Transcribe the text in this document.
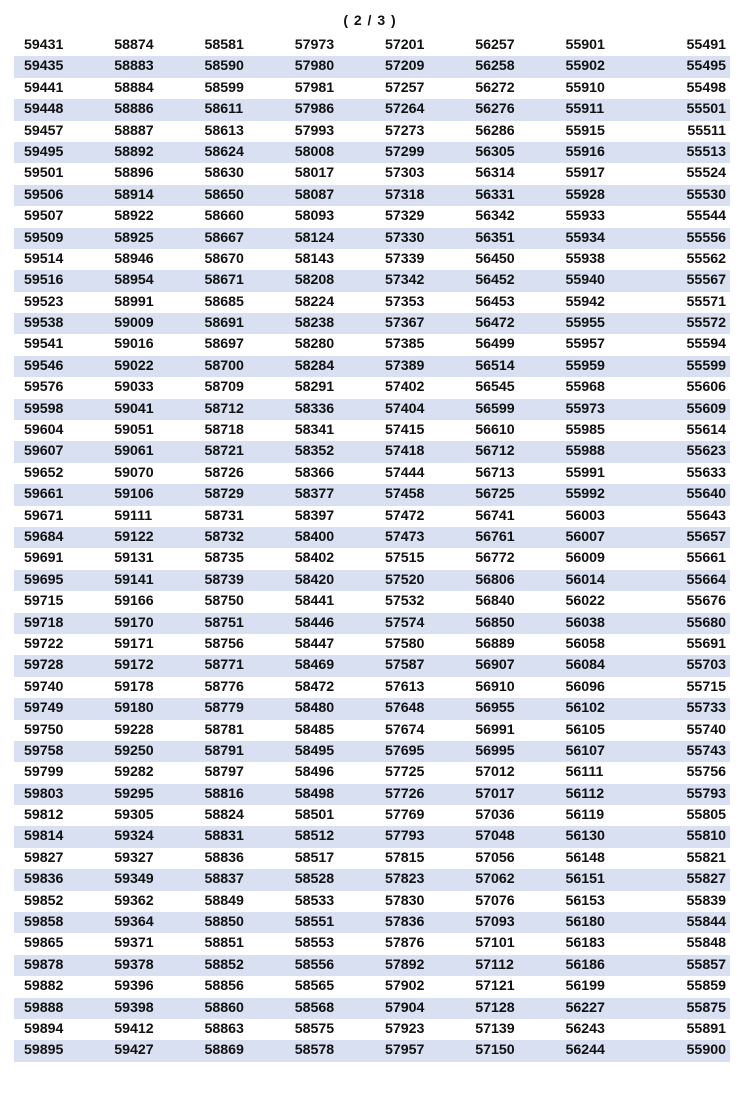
( 2 / 3 )
59431	58874	58581	57973	57201	56257	55901	55491
59435	58883	58590	57980	57209	56258	55902	55495
59441	58884	58599	57981	57257	56272	55910	55498
59448	58886	58611	57986	57264	56276	55911	55501
59457	58887	58613	57993	57273	56286	55915	55511
59495	58892	58624	58008	57299	56305	55916	55513
59501	58896	58630	58017	57303	56314	55917	55524
59506	58914	58650	58087	57318	56331	55928	55530
59507	58922	58660	58093	57329	56342	55933	55544
59509	58925	58667	58124	57330	56351	55934	55556
59514	58946	58670	58143	57339	56450	55938	55562
59516	58954	58671	58208	57342	56452	55940	55567
59523	58991	58685	58224	57353	56453	55942	55571
59538	59009	58691	58238	57367	56472	55955	55572
59541	59016	58697	58280	57385	56499	55957	55594
59546	59022	58700	58284	57389	56514	55959	55599
59576	59033	58709	58291	57402	56545	55968	55606
59598	59041	58712	58336	57404	56599	55973	55609
59604	59051	58718	58341	57415	56610	55985	55614
59607	59061	58721	58352	57418	56712	55988	55623
59652	59070	58726	58366	57444	56713	55991	55633
59661	59106	58729	58377	57458	56725	55992	55640
59671	59111	58731	58397	57472	56741	56003	55643
59684	59122	58732	58400	57473	56761	56007	55657
59691	59131	58735	58402	57515	56772	56009	55661
59695	59141	58739	58420	57520	56806	56014	55664
59715	59166	58750	58441	57532	56840	56022	55676
59718	59170	58751	58446	57574	56850	56038	55680
59722	59171	58756	58447	57580	56889	56058	55691
59728	59172	58771	58469	57587	56907	56084	55703
59740	59178	58776	58472	57613	56910	56096	55715
59749	59180	58779	58480	57648	56955	56102	55733
59750	59228	58781	58485	57674	56991	56105	55740
59758	59250	58791	58495	57695	56995	56107	55743
59799	59282	58797	58496	57725	57012	56111	55756
59803	59295	58816	58498	57726	57017	56112	55793
59812	59305	58824	58501	57769	57036	56119	55805
59814	59324	58831	58512	57793	57048	56130	55810
59827	59327	58836	58517	57815	57056	56148	55821
59836	59349	58837	58528	57823	57062	56151	55827
59852	59362	58849	58533	57830	57076	56153	55839
59858	59364	58850	58551	57836	57093	56180	55844
59865	59371	58851	58553	57876	57101	56183	55848
59878	59378	58852	58556	57892	57112	56186	55857
59882	59396	58856	58565	57902	57121	56199	55859
59888	59398	58860	58568	57904	57128	56227	55875
59894	59412	58863	58575	57923	57139	56243	55891
59895	59427	58869	58578	57957	57150	56244	55900
